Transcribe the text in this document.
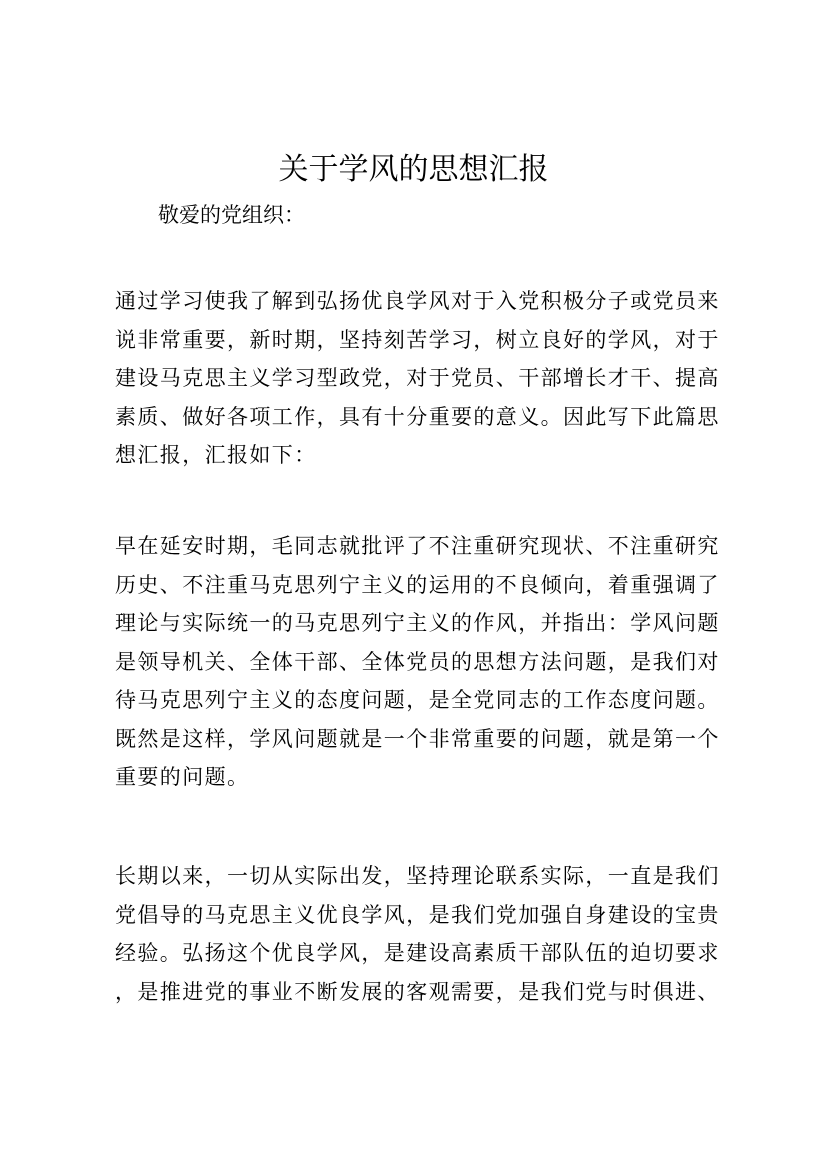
关于学风的思想汇报

敬爱的党组织：

通过学习使我了解到弘扬优良学风对于入党积极分子或党员来
说非常重要，新时期，坚持刻苦学习，树立良好的学风，对于
建设马克思主义学习型政党，对于党员、干部增长才干、提高
素质、做好各项工作，具有十分重要的意义。因此写下此篇思
想汇报，汇报如下：

早在延安时期，毛同志就批评了不注重研究现状、不注重研究
历史、不注重马克思列宁主义的运用的不良倾向，着重强调了
理论与实际统一的马克思列宁主义的作风，并指出：学风问题
是领导机关、全体干部、全体党员的思想方法问题，是我们对
待马克思列宁主义的态度问题，是全党同志的工作态度问题。
既然是这样，学风问题就是一个非常重要的问题，就是第一个
重要的问题。

长期以来，一切从实际出发，坚持理论联系实际，一直是我们
党倡导的马克思主义优良学风，是我们党加强自身建设的宝贵
经验。弘扬这个优良学风，是建设高素质干部队伍的迫切要求
，是推进党的事业不断发展的客观需要，是我们党与时俱进、
